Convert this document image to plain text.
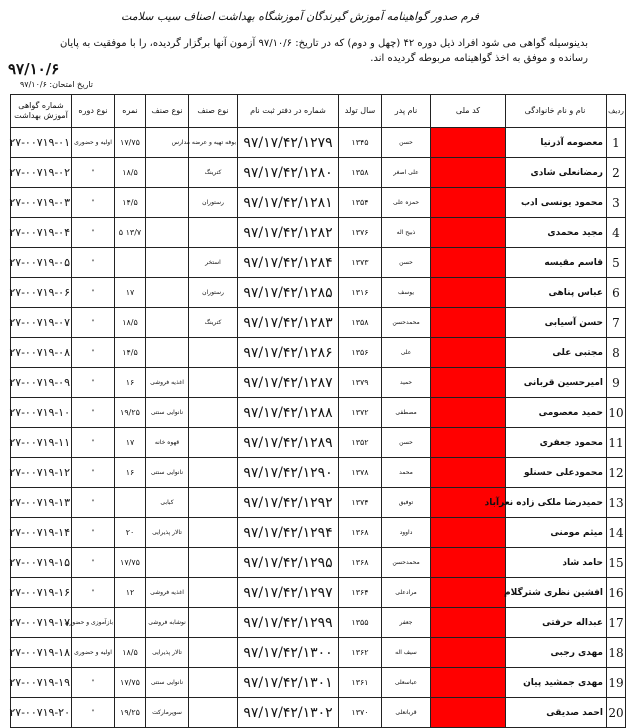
فرم صدور گواهینامه آموزش گیرندگان آموزشگاه بهداشت اصناف سیب سلامت
بدینوسیله گواهی می شود افراد ذیل دوره ۴۲ (چهل و دوم) که در تاریخ: ۹۷/۱۰/۶ آزمون آنها برگزار گردیده، را با موفقیت به پایان رسانده و موفق به اخذ گواهینامه مربوطه گردیده اند.
۹۷/۱۰/۶
تاریخ امتحان: ۹۷/۱۰/۶
ردیف	نام و نام خانوادگی	کد ملی	نام پدر	سال تولد	شماره در دفتر ثبت نام	نوع صنف	نوع صنف	نمره	نوع دوره	شماره گواهی آموزش بهداشت
1	معصومه آذرنیا		حسن	۱۳۴۵	۹۷/۱۷/۴۲/۱۲۷۹	بوفه تهیه و عرضه مدارس		۱۷/۷۵	اولیه و حضوری	۲۷-۰۰۷۱۹-۰۱
2	رمضانعلی شادی		علی اصغر	۱۳۵۸	۹۷/۱۷/۴۲/۱۲۸۰	کترینگ		۱۸/۵	"	۲۷-۰۰۷۱۹-۰۲
3	محمود یونسی ادب		حمزه علی	۱۳۵۴	۹۷/۱۷/۴۲/۱۲۸۱	رستوران		۱۴/۵	"	۲۷-۰۰۷۱۹-۰۳
4	مجید محمدی		ذبیح اله	۱۳۷۶	۹۷/۱۷/۴۲/۱۲۸۲			۱۳/۷ ۵	"	۲۷-۰۰۷۱۹-۰۴
5	قاسم مقیسه		حسن	۱۳۷۳	۹۷/۱۷/۴۲/۱۲۸۴	استخر			"	۲۷-۰۰۷۱۹-۰۵
6	عباس پناهی		یوسف	۱۳۱۶	۹۷/۱۷/۴۲/۱۲۸۵	رستوران		۱۷	"	۲۷-۰۰۷۱۹-۰۶
7	حسن آسیابی		محمدحسن	۱۳۵۸	۹۷/۱۷/۴۲/۱۲۸۳	کترینگ		۱۸/۵	"	۲۷-۰۰۷۱۹-۰۷
8	مجتبی علی		علی	۱۳۵۶	۹۷/۱۷/۴۲/۱۲۸۶			۱۴/۵	"	۲۷-۰۰۷۱۹-۰۸
9	امیرحسین قربانی		حمید	۱۳۷۹	۹۷/۱۷/۴۲/۱۲۸۷		اغذیه فروشی	۱۶	"	۲۷-۰۰۷۱۹-۰۹
10	حمید معصومی		مصطفی	۱۳۷۲	۹۷/۱۷/۴۲/۱۲۸۸		نانوایی سنتی	۱۹/۲۵	"	۲۷-۰۰۷۱۹-۱۰
11	محمود جعفری		حسن	۱۳۵۲	۹۷/۱۷/۴۲/۱۲۸۹		قهوه خانه	۱۷	"	۲۷-۰۰۷۱۹-۱۱
12	محمودعلی حسنلو		محمد	۱۳۷۸	۹۷/۱۷/۴۲/۱۲۹۰		نانوایی سنتی	۱۶	"	۲۷-۰۰۷۱۹-۱۲
13	حمیدرضا ملکی زاده نعرآباد		توفیق	۱۳۷۴	۹۷/۱۷/۴۲/۱۲۹۲		کبابی		"	۲۷-۰۰۷۱۹-۱۳
14	میثم مومنی		داوود	۱۳۶۸	۹۷/۱۷/۴۲/۱۲۹۴		تالار پذیرایی	۲۰	"	۲۷-۰۰۷۱۹-۱۴
15	حامد شاد		محمدحسن	۱۳۶۸	۹۷/۱۷/۴۲/۱۲۹۵			۱۷/۷۵	"	۲۷-۰۰۷۱۹-۱۵
16	افشین نظری شترگلام		مرادعلی	۱۳۶۴	۹۷/۱۷/۴۲/۱۲۹۷		اغذیه فروشی	۱۲	"	۲۷-۰۰۷۱۹-۱۶
17	عبداله حرفتی		جعفر	۱۳۵۵	۹۷/۱۷/۴۲/۱۲۹۹		نوشابه فروشی		بازآموزی و حضوری	۲۷-۰۰۷۱۹-۱۷
18	مهدی رجبی		سیف اله	۱۳۶۲	۹۷/۱۷/۴۲/۱۳۰۰		تالار پذیرایی	۱۸/۵	اولیه و حضوری	۲۷-۰۰۷۱۹-۱۸
19	مهدی جمشید پیان		عباسعلی	۱۳۶۱	۹۷/۱۷/۴۲/۱۳۰۱		نانوایی سنتی	۱۷/۷۵	"	۲۷-۰۰۷۱۹-۱۹
20	احمد صدیقی		قربانعلی	۱۳۷۰	۹۷/۱۷/۴۲/۱۳۰۲		سوپرمارکت	۱۹/۲۵	"	۲۷-۰۰۷۱۹-۲۰
